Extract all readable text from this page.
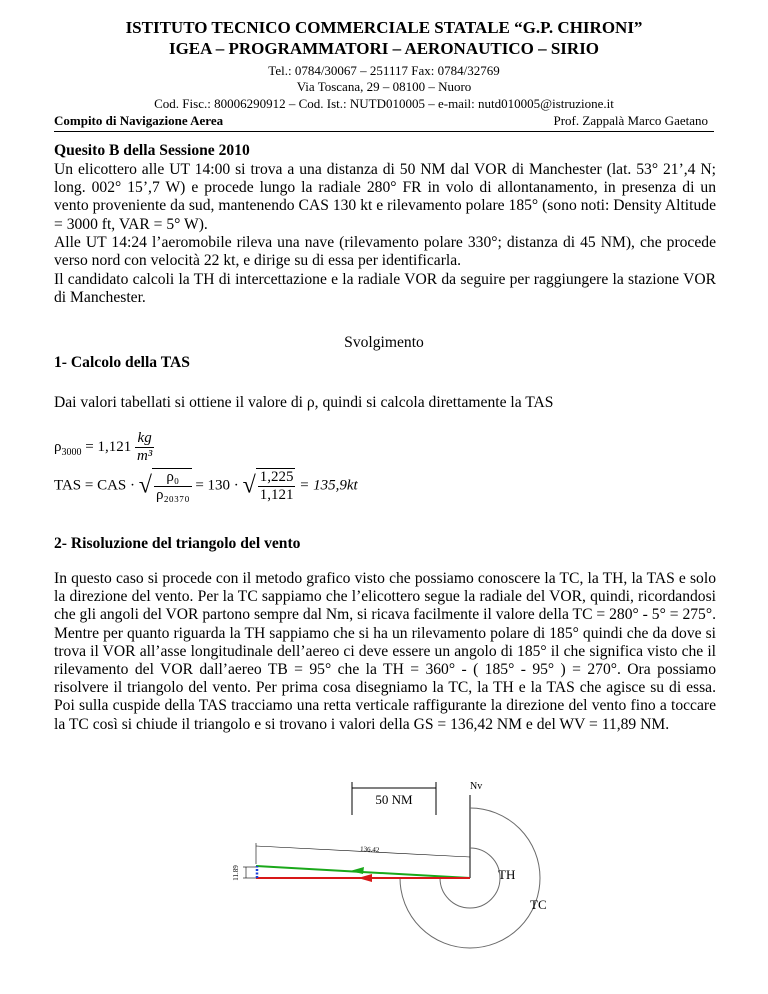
ISTITUTO TECNICO COMMERCIALE STATALE “G.P. CHIRONI”
IGEA – PROGRAMMATORI – AERONAUTICO – SIRIO
Tel.: 0784/30067 – 251117 Fax: 0784/32769
Via Toscana, 29 – 08100 – Nuoro
Cod. Fisc.: 80006290912 – Cod. Ist.: NUTD010005 – e-mail: nutd010005@istruzione.it
Compito di Navigazione Aerea	Prof. Zappalà Marco Gaetano
Quesito B della Sessione 2010
Un elicottero alle UT 14:00 si trova a una distanza di 50 NM dal VOR di Manchester (lat. 53° 21’,4 N; long. 002° 15’,7 W) e procede lungo la radiale 280° FR in volo di allontanamento, in presenza di un vento proveniente da sud, mantenendo CAS 130 kt e rilevamento polare 185° (sono noti: Density Altitude = 3000 ft, VAR = 5° W).
Alle UT 14:24 l’aeromobile rileva una nave (rilevamento polare 330°; distanza di 45 NM), che procede verso nord con velocità 22 kt, e dirige su di essa per identificarla.
Il candidato calcoli la TH di intercettazione e la radiale VOR da seguire per raggiungere la stazione VOR di Manchester.
Svolgimento
1- Calcolo della TAS
Dai valori tabellati si ottiene il valore di ρ, quindi si calcola direttamente la TAS
$\rho_{3000} = 1,121 \frac{kg}{\text{m³}}$
TAS = CAS · √ $\frac{\text{ρ₀}}{\text{ρ₂₀₃₇₀}} = 130$ · √ $\frac{1,225}{1,121} = 135,9kt$
2- Risoluzione del triangolo del vento
In questo caso si procede con il metodo grafico visto che possiamo conoscere la TC, la TH, la TAS e solo la direzione del vento. Per la TC sappiamo che l’elicottero segue la radiale del VOR, quindi, ricordandosi che gli angoli del VOR partono sempre dal Nm, si ricava facilmente il valore della TC = 280° - 5° = 275°. Mentre per quanto riguarda la TH sappiamo che si ha un rilevamento polare di 185° quindi che da dove si trova il VOR all’asse longitudinale dell’aereo ci deve essere un angolo di 185° il che significa visto che il rilevamento del VOR dall’aereo TB = 95° che la TH = 360° - ( 185° - 95° ) = 270°. Ora possiamo risolvere il triangolo del vento. Per prima cosa disegniamo la TC, la TH e la TAS che agisce su di essa. Poi sulla cuspide della TAS tracciamo una retta verticale raffigurante la direzione del vento fino a toccare la TC così si chiude il triangolo e si trovano i valori della GS = 136,42 NM e del WV = 11,89 NM.
50 NM
Nv
TH
TC
136.42
11.89
